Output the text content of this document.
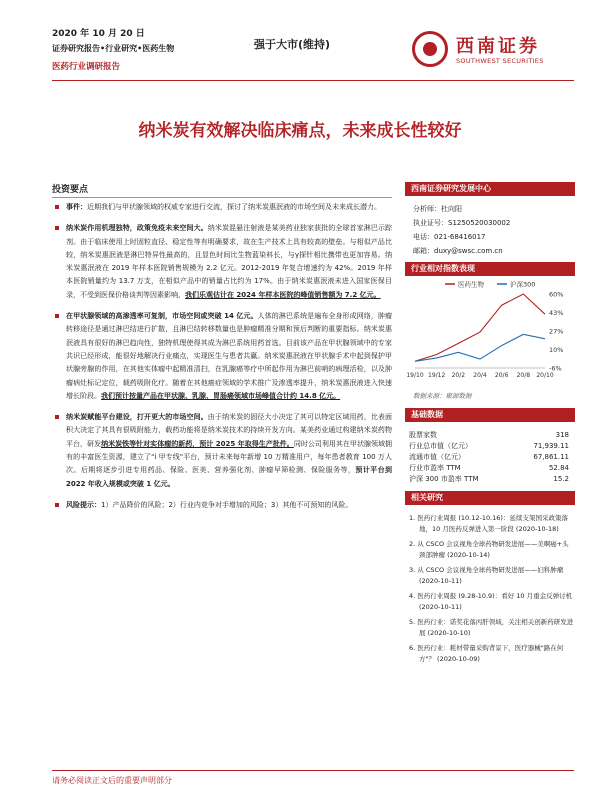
2020 年 10 月 20 日
证券研究报告•行业研究•医药生物
医药行业调研报告
强于大市(维持)	西南证券
SOUTHWEST SECURITIES
纳米炭有效解决临床痛点，未来成长性较好
投资要点
事件：近期我们与甲状腺领域的权威专家进行交流，探讨了纳米炭惠泯液的市场空间及未来成长潜力。
纳米炭作用机理独特，政策免疫未来空间大。纳米炭混悬注射液是某美药业独家获批的全球首家淋巴示踪剂。由于临床使用上时固粒直径、稳定性等有明确要求，故在生产技术上具有较高的壁垒。与相似产品比较，纳米炭惠泯液是淋巴特异性最高的，且显色时间比生物蓝染料长，与γ探针相比携带也更加容易。纳米炭惠泯液在 2019 年样本医院销售规模为 2.2 亿元。2012-2019 年复合增速约为 42%。2019 年样本医院销量约为 13.7 万支，在相似产品中的销量占比约为 17%。由于纳米炭惠泯液未进入国家医保目录，不受到医保价格谈判等因素影响，我们乐观估计在 2024 年样本医院的峰值销售额为 7.2 亿元。
在甲状腺领域的高渗透率可复制，市场空间或突破 14 亿元。人体的淋巴系统是遍布全身形成网络，肿瘤转移途径是通过淋巴结进行扩散，且淋巴结转移数量也是肿瘤精准分期和预后判断的重要指标。纳米炭惠泯液具有很好的淋巴趋向性，独特机理使得其成为淋巴系统用药首选。目前该产品在甲状腺领域中的专家共识已经形成，能很好地解决行业痛点，实现医生与患者共赢。纳米炭惠泯液在甲状腺手术中起到保护甲状腺旁腺的作用，在其他实体瘤中起精准清扫，在乳腺癌等疗中所起作用为淋巴前哨的病理活检，以及肿瘤病灶标记定位，载药吸附化疗。随着在其他癌症领域的学术推广及渗透率提升，纳米炭惠泯液进入快速增长阶段。我们预计按量产品在甲状腺、乳腺、胃肠癌领域市场峰值合计约 14.8 亿元。
纳米炭赋能平台建设，打开更大的市场空间。由于纳米炭的固径大小决定了其可以特定区域用药，比表面积大决定了其具有很吸附能力，载药功能将是纳米炭技术的持续开发方向。某美药业通过构建纳米炭药物平台，研发纳米炭铁等针对实体瘤的新药，预计 2025 年取得生产批件。同时公司利用其在甲状腺领域拥有的丰富医生资源，建立了"i 甲专线"平台，预计未来每年新增 10 万精准用户，每年患者教育 100 万人次。后期将逐步引进专用药品、保险、医美、营养强化剂、肿瘤早筛检测、保险服务等，预计平台到 2022 年收入规模或突破 1 亿元。
风险提示：1）产品降价的风险；2）行业内竞争对手增加的风险；3）其他不可预知的风险。
西南证券研究发展中心
分析师：杜向阳
执业证号：S1250520030002
电话：021-68416017
邮箱：duxy@swsc.com.cn
行业相对指数表现
60%
43%
27%
10%
-6%
19/10 19/12 20/2 20/4 20/6 20/8 20/10
医药生物	沪深300
数据来源：聚源数据
基础数据
股票家数	318
行业总市值（亿元）	71,939.11
流通市值（亿元）	67,861.11
行业市盈率 TTM	52.84
沪深 300 市盈率 TTM	15.2
相关研究
1. 医药行业周报 (10.12-10.16)：延续支架国采政策落地，10 月医药反弹进入第一阶段 (2020-10-18)
2. 从 CSCO 会议视角全球药物研发进展——美啊癌+头颈部肿瘤 (2020-10-14)
3. 从 CSCO 会议视角全球药物研发进展——妇科肿瘤 (2020-10-11)
4. 医药行业周报 (9.28-10.9)：看好 10 月重金反弹讨机 (2020-10-11)
5. 医药行业：诺奖花落丙肝领域，关注相关创新药研发进展 (2020-10-10)
6. 医药行业：耗材带量采购背景下，医疗器械"路在何方"？ (2020-10-09)
请务必阅读正文后的重要声明部分
